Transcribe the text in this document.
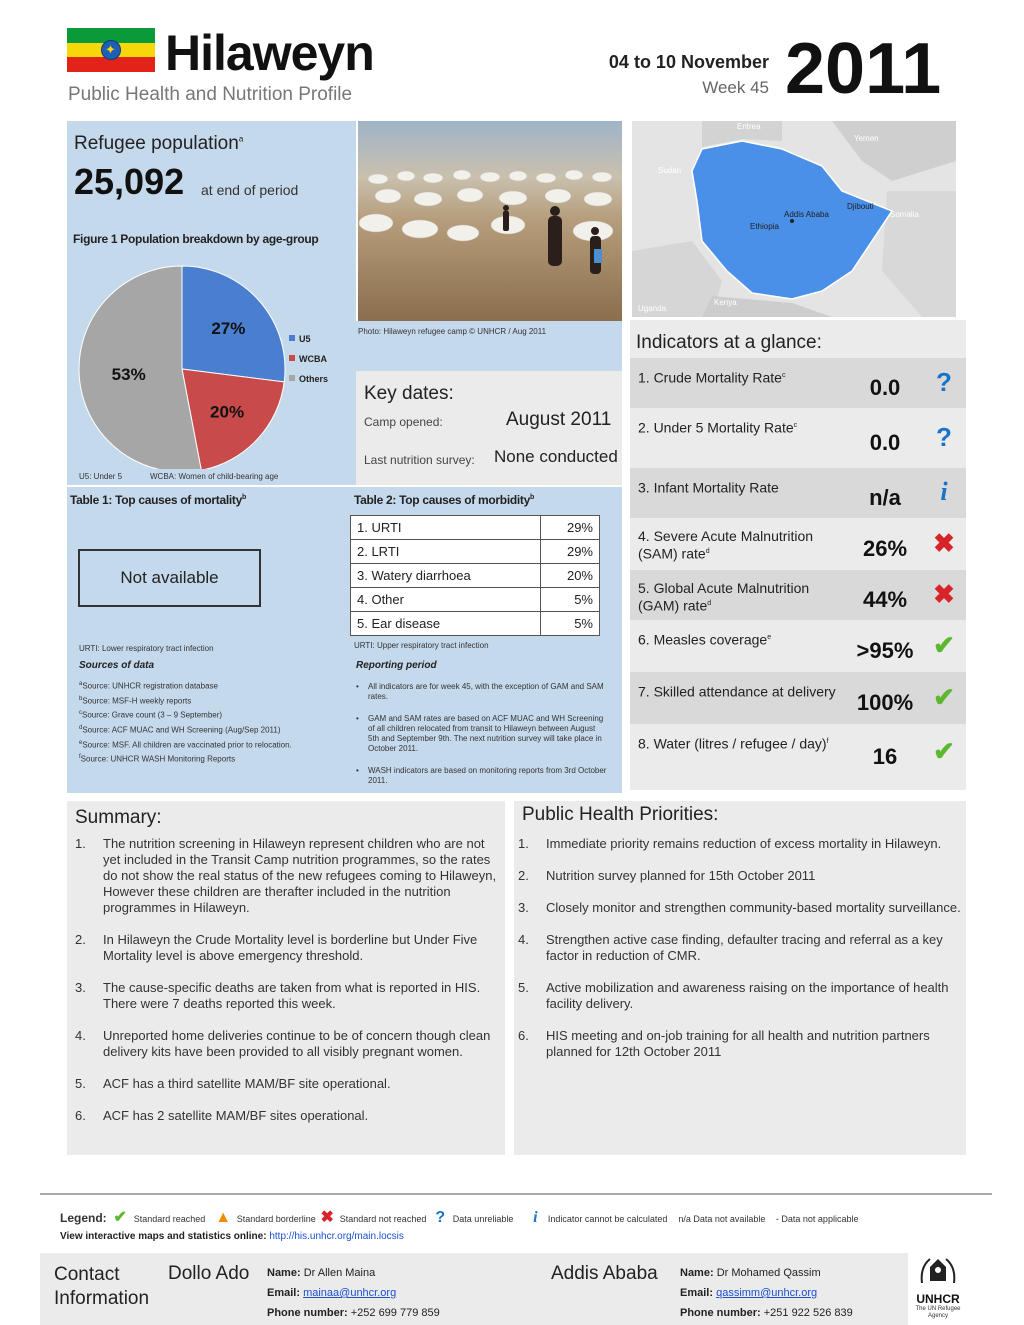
✦
Hilaweyn
Public Health and Nutrition Profile
04 to 10 November
Week 45 2011
Refugee population$^a$
25,092 at end of period
Figure 1 Population breakdown by age-group
27%
20%
53%
U5
WCBA
Others
U5: Under 5	WCBA: Women of child-bearing age
Photo: Hilaweyn refugee camp © UNHCR / Aug 2011
Eritrea
Yemen
Sudan
Djibouti
Somalia
Ethiopia
Addis Ababa
Kenya
Uganda
Key dates:
Camp opened:	August 2011
Last nutrition survey: None conducted
Table 1: Top causes of mortality$^b$
Not available
URTI: Lower respiratory tract infection
Table 2: Top causes of morbidity$^b$
1. URTI	29%
2. LRTI	29%
3. Watery diarrhoea	20%
4. Other	5%
5. Ear disease	5%
URTI: Upper respiratory tract infection
Sources of data
$^a$Source: UNHCR registration database
$^b$Source: MSF-H weekly reports
$^c$Source: Grave count (3 – 9 September)
$^d$Source: ACF MUAC and WH Screening (Aug/Sep 2011)
$^e$Source: MSF. All children are vaccinated prior to relocation.
$^f$Source: UNHCR WASH Monitoring Reports
Reporting period
• All indicators are for week 45, with the exception of GAM and SAM rates.
• GAM and SAM rates are based on ACF MUAC and WH Screening of all children relocated from transit to Hilaweyn between August 5th and September 9th. The next nutrition survey will take place in October 2011.
• WASH indicators are based on monitoring reports from 3rd October 2011.
Indicators at a glance:
1. Crude Mortality Rate$^c$	0.0	?
2. Under 5 Mortality Rate$^c$
0.0	?
3. Infant Mortality Rate	n/a	i
4. Severe Acute Malnutrition (SAM) rate$^d$	26%	✖
5. Global Acute Malnutrition (GAM) rate$^d$	44%	✖
6. Measles coverage$^e$
>95% ✔
7. Skilled attendance at delivery 100% ✔
8. Water (litres / refugee / day)$^f$
16	✔
Summary:
1. The nutrition screening in Hilaweyn represent children who are not yet included in the Transit Camp nutrition programmes, so the rates do not show the real status of the new refugees coming to Hilaweyn, However these children are therafter included in the nutrition programmes in Hilaweyn.
2. In Hilaweyn the Crude Mortality level is borderline but Under Five Mortality level is above emergency threshold.
3. The cause-specific deaths are taken from what is reported in HIS. There were 7 deaths reported this week.
4. Unreported home deliveries continue to be of concern though clean delivery kits have been provided to all visibly pregnant women.
5. ACF has a third satellite MAM/BF site operational.
6. ACF has 2 satellite MAM/BF sites operational.
Public Health Priorities:
1. Immediate priority remains reduction of excess mortality in Hilaweyn.
2. Nutrition survey planned for 15th October 2011
3. Closely monitor and strengthen community-based mortality surveillance.
4. Strengthen active case finding, defaulter tracing and referral as a key factor in reduction of CMR.
5. Active mobilization and awareness raising on the importance of health facility delivery.
6. HIS meeting and on-job training for all health and nutrition partners planned for 12th October 2011
Legend: ✔ Standard reached ▲ Standard borderline ✖ Standard not reached ? Data unreliable i Indicator cannot be calculated n/a Data not available - Data not applicable
View interactive maps and statistics online: http://his.unhcr.org/main.locsis
Contact
Information
Dollo Ado Name: Dr Allen Maina
Email: mainaa@unhcr.org
Phone number: +252 699 779 859
Addis Ababa Name: Dr Mohamed Qassim
Email: qassimm@unhcr.org
Phone number: +251 922 526 839
UNHCR
The UN Refugee Agency
